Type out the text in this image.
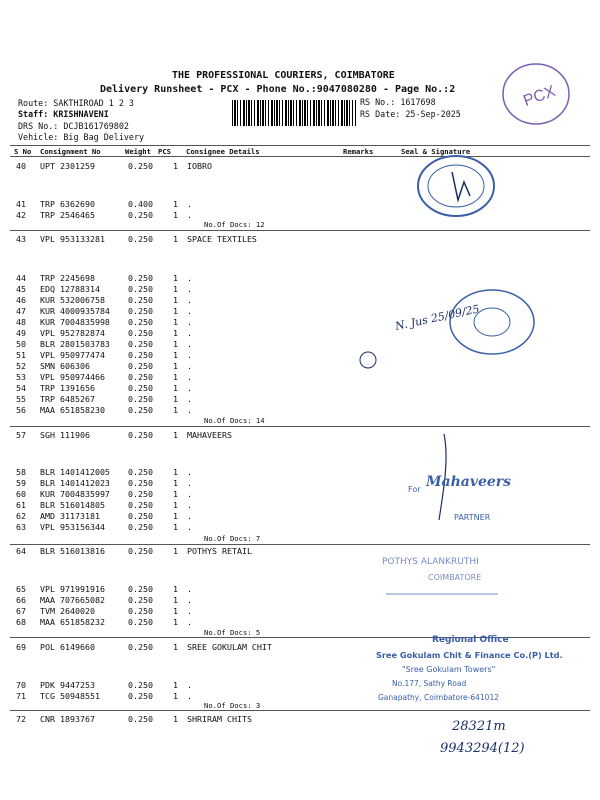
THE PROFESSIONAL COURIERS, COIMBATORE
Delivery Runsheet - PCX - Phone No.:9047080280 - Page No.:2
Route: SAKTHIROAD 1 2 3
Staff: KRISHNAVENI
DRS No.: DCJB161769802
Vehicle: Big Bag Delivery
RS No.: 1617698
RS Date: 25-Sep-2025
PCX
S No Consignment No	Weight PCS Consignee Details	Remarks	Seal & Signature
40 UPT 2301259	0.250 1 IOBRO
41 TRP 6362690	0.400 1 .
42 TRP 2546465	0.250 1 .
43 VPL 953133281	0.250 1 SPACE TEXTILES
44 TRP 2245698	0.250 1 .
45 EDQ 12788314	0.250 1 .
46 KUR 532006758	0.250 1 .
47 KUR 4000935784 0.250 1 .
48 KUR 7004835998 0.250 1 .
49 VPL 952782874	0.250 1 .
50 BLR 2801503783 0.250 1 .
51 VPL 950977474	0.250 1 .
52 SMN 606306	0.250 1 .
53 VPL 950974466	0.250 1 .
54 TRP 1391656	0.250 1 .
55 TRP 6485267	0.250 1 .
56 MAA 651858230	0.250 1 .
57 SGH 111906	0.250 1 MAHAVEERS
58 BLR 1401412005 0.250 1 .
59 BLR 1401412023 0.250 1 .
60 KUR 7004835997 0.250 1 .
61 BLR 516014805	0.250 1 .
62 AMD 31173181	0.250 1 .
63 VPL 953156344	0.250 1 .
64 BLR 516013816	0.250 1 POTHYS RETAIL
65 VPL 971991916	0.250 1 .
66 MAA 707665082	0.250 1 .
67 TVM 2640020	0.250 1 .
68 MAA 651858232	0.250 1 .
69 POL 6149660	0.250 1 SREE GOKULAM CHIT
70 PDK 9447253	0.250 1 .
71 TCG 50948551	0.250 1 .
72 CNR 1893767	0.250 1 SHRIRAM CHITS
No.Of Docs: 12
No.Of Docs: 14
No.Of Docs: 7
No.Of Docs: 5
No.Of Docs: 3
N. Jus 25/09/25
For Mahaveers
PARTNER
POTHYS ALANKRUTHI
COIMBATORE
Regional Office
Sree Gokulam Chit & Finance Co.(P) Ltd.
"Sree Gokulam Towers"
No.177, Sathy Road
Ganapathy, Coimbatore-641012
28321m
9943294(12)
